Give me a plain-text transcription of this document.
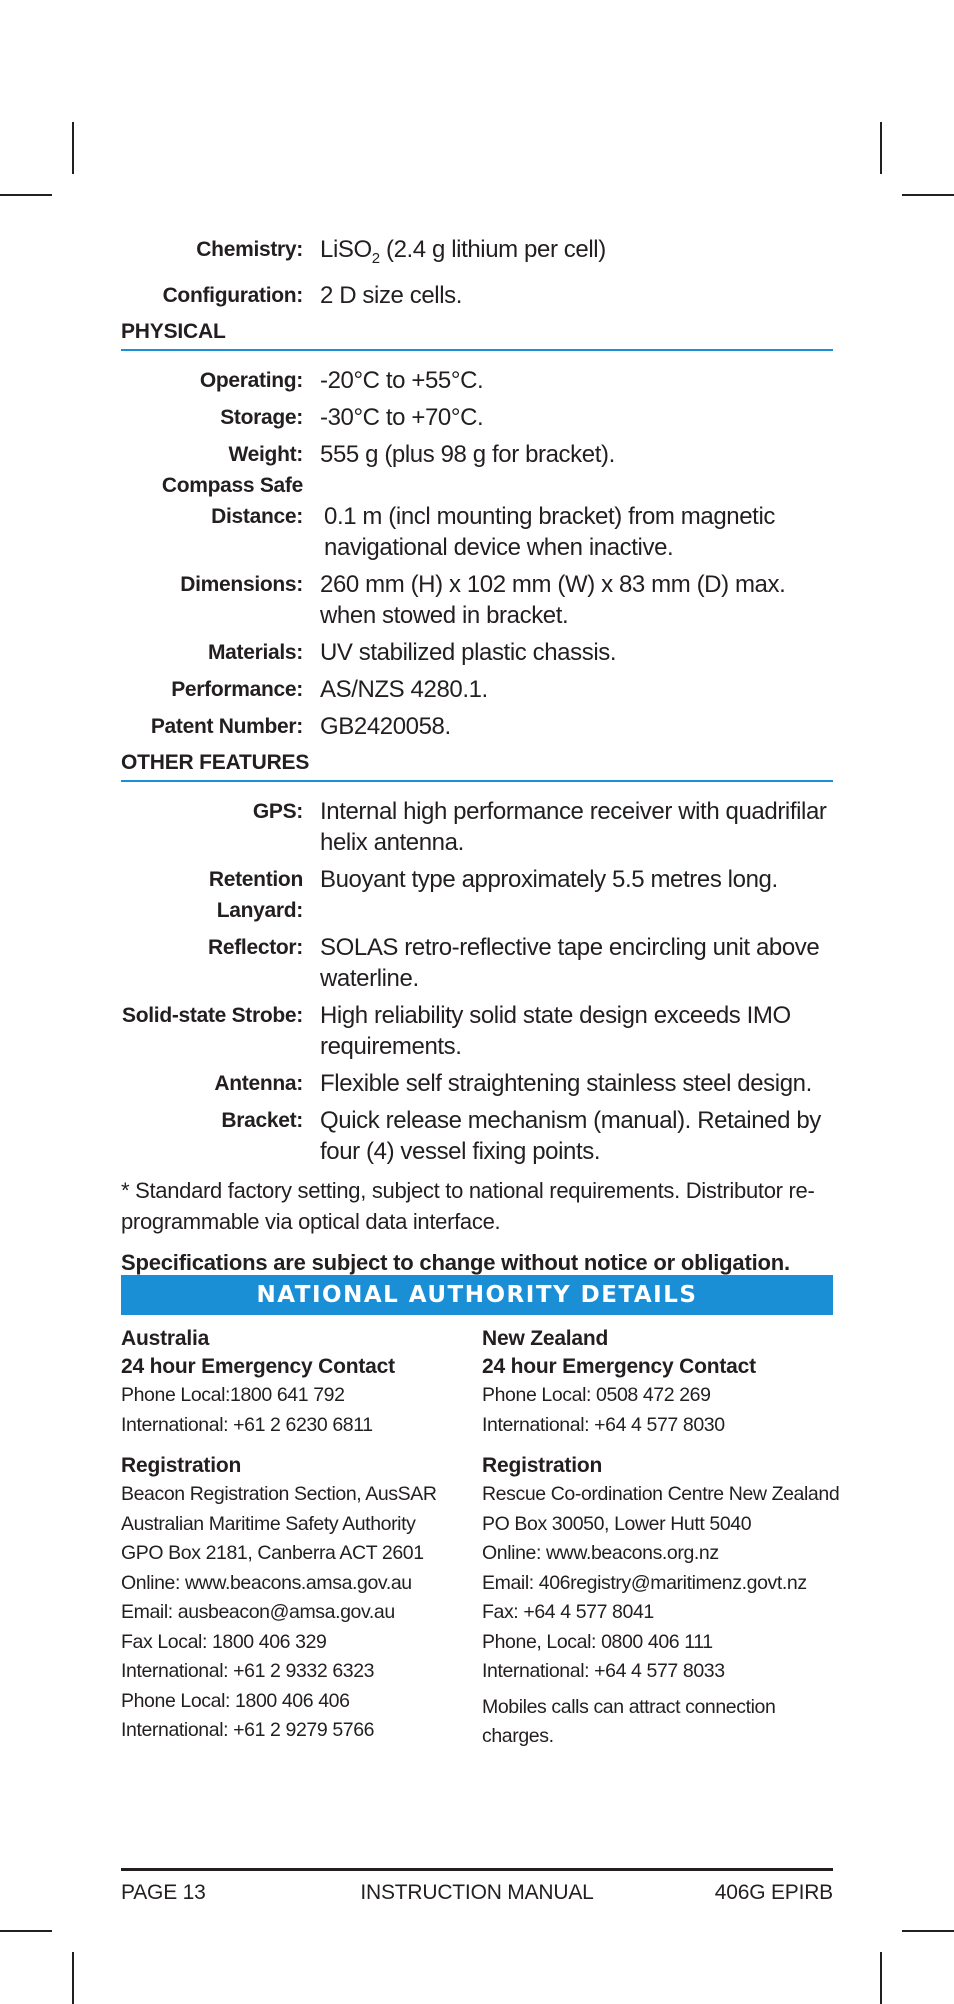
Chemistry: LiSO$_2$ (2.4 g lithium per cell)
Configuration: 2 D size cells.
PHYSICAL
Operating: -20°C to +55°C.
Storage: -30°C to +70°C.
Weight: 555 g (plus 98 g for bracket).
Compass Safe
Distance: 0.1 m (incl mounting bracket) from magnetic navigational device when inactive.
Dimensions: 260 mm (H) x 102 mm (W) x 83 mm (D) max. when stowed in bracket.
Materials: UV stabilized plastic chassis.
Performance: AS/NZS 4280.1.
Patent Number: GB2420058.
OTHER FEATURES
GPS: Internal high performance receiver with quadrifilar helix antenna.
Retention Lanyard:
Buoyant type approximately 5.5 metres long.
Reflector: SOLAS retro-reflective tape encircling unit above waterline.
Solid-state Strobe: High reliability solid state design exceeds IMO requirements.
Antenna: Flexible self straightening stainless steel design.
Bracket: Quick release mechanism (manual). Retained by four (4) vessel fixing points.
* Standard factory setting, subject to national requirements. Distributor re-programmable via optical data interface.
Specifications are subject to change without notice or obligation.
NATIONAL AUTHORITY DETAILS
Australia
24 hour Emergency Contact
Phone Local:1800 641 792
International: +61 2 6230 6811
Registration
Beacon Registration Section, AusSAR
Australian Maritime Safety Authority
GPO Box 2181, Canberra ACT 2601
Online: www.beacons.amsa.gov.au
Email: ausbeacon@amsa.gov.au
Fax Local: 1800 406 329
International: +61 2 9332 6323
Phone Local: 1800 406 406
International: +61 2 9279 5766
New Zealand
24 hour Emergency Contact
Phone Local: 0508 472 269
International: +64 4 577 8030
Registration
Rescue Co-ordination Centre New Zealand
PO Box 30050, Lower Hutt 5040
Online: www.beacons.org.nz
Email: 406registry@maritimenz.govt.nz
Fax: +64 4 577 8041
Phone, Local: 0800 406 111
International: +64 4 577 8033
Mobiles calls can attract connection charges.
PAGE 13	INSTRUCTION MANUAL	406G EPIRB
